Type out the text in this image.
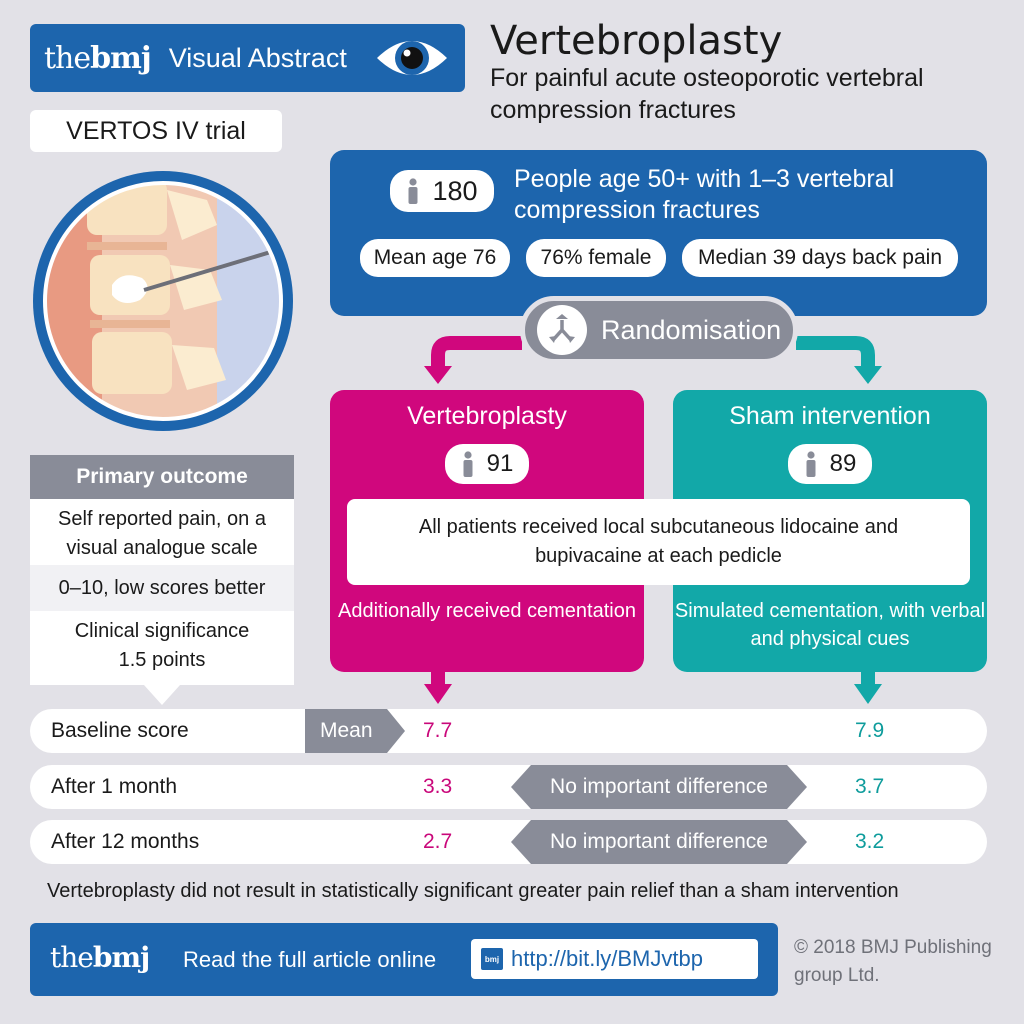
thebmj Visual Abstract	Vertebroplasty
For painful acute osteoporotic vertebral compression fractures
VERTOS IV trial
180 People age 50+ with 1–3 vertebral compression fractures
Mean age 76	76% female	Median 39 days back pain
Randomisation
Vertebroplasty
91
Additionally received cementation
Sham intervention
89
Simulated cementation, with verbal and physical cues
All patients received local subcutaneous lidocaine and bupivacaine at each pedicle
Primary outcome
Self reported pain, on a visual analogue scale
0–10, low scores better
Clinical significance 1.5 points
Baseline score	Mean 7.7	7.9
After 1 month	3.3	No important difference	3.7
After 12 months	2.7	No important difference	3.2
Vertebroplasty did not result in statistically significant greater pain relief than a sham intervention
thebmj Read the full article online	bmj http://bit.ly/BMJvtbp	© 2018 BMJ Publishing group Ltd.
